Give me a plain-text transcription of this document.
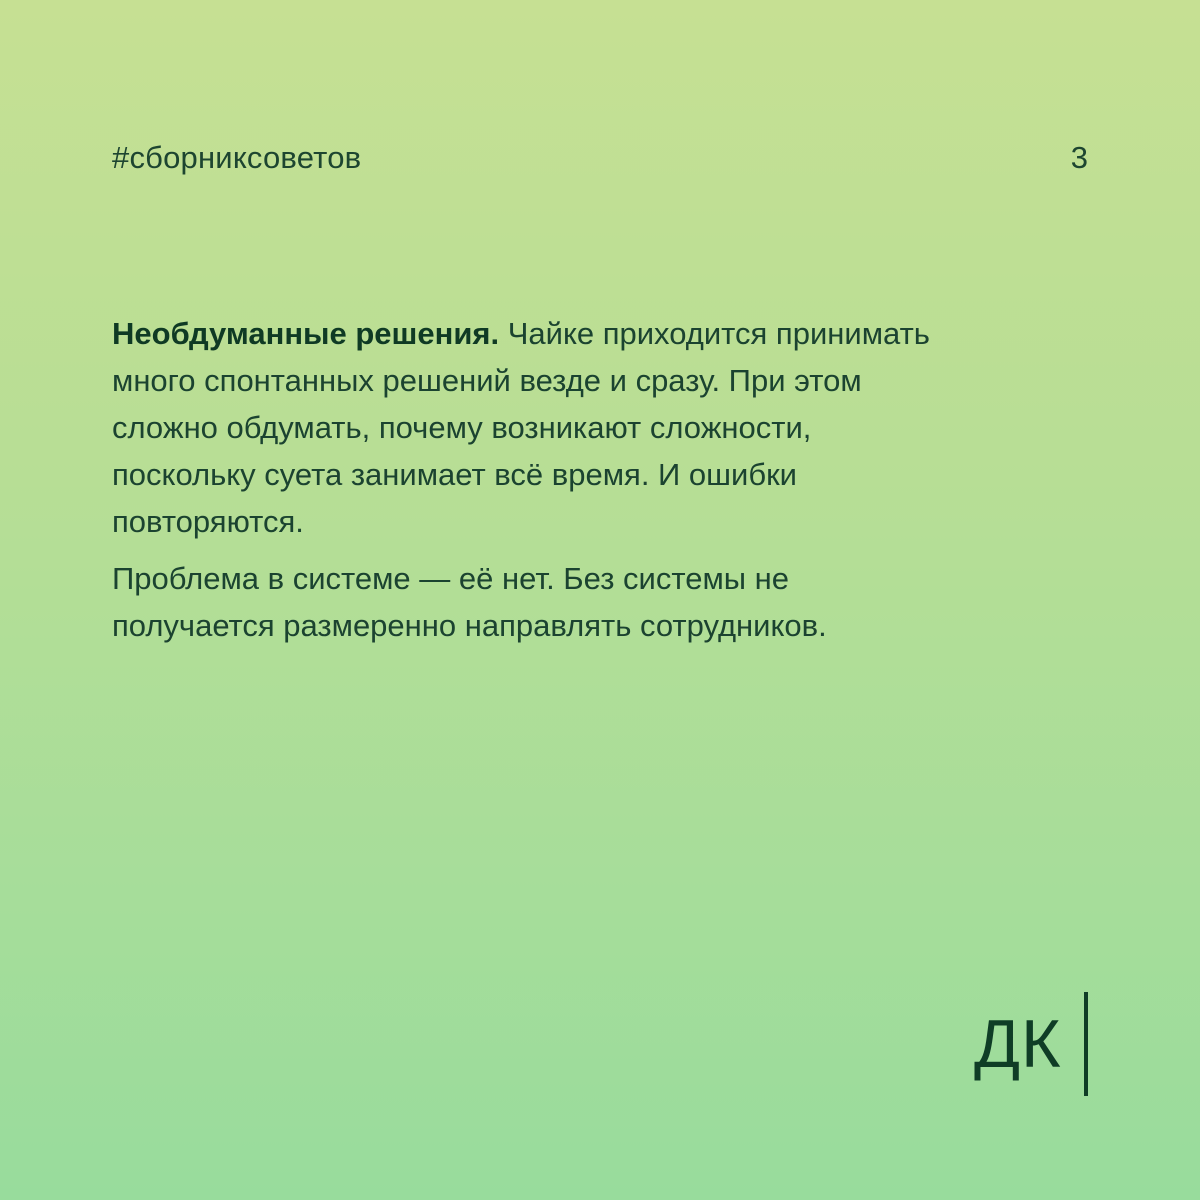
#сборниксоветов	3

Необдуманные решения. Чайке приходится принимать много спонтанных решений везде и сразу. При этом сложно обдумать, почему возникают сложности, поскольку суета занимает всё время. И ошибки повторяются.

Проблема в системе — её нет. Без системы не получается размеренно направлять сотрудников.

ДК
